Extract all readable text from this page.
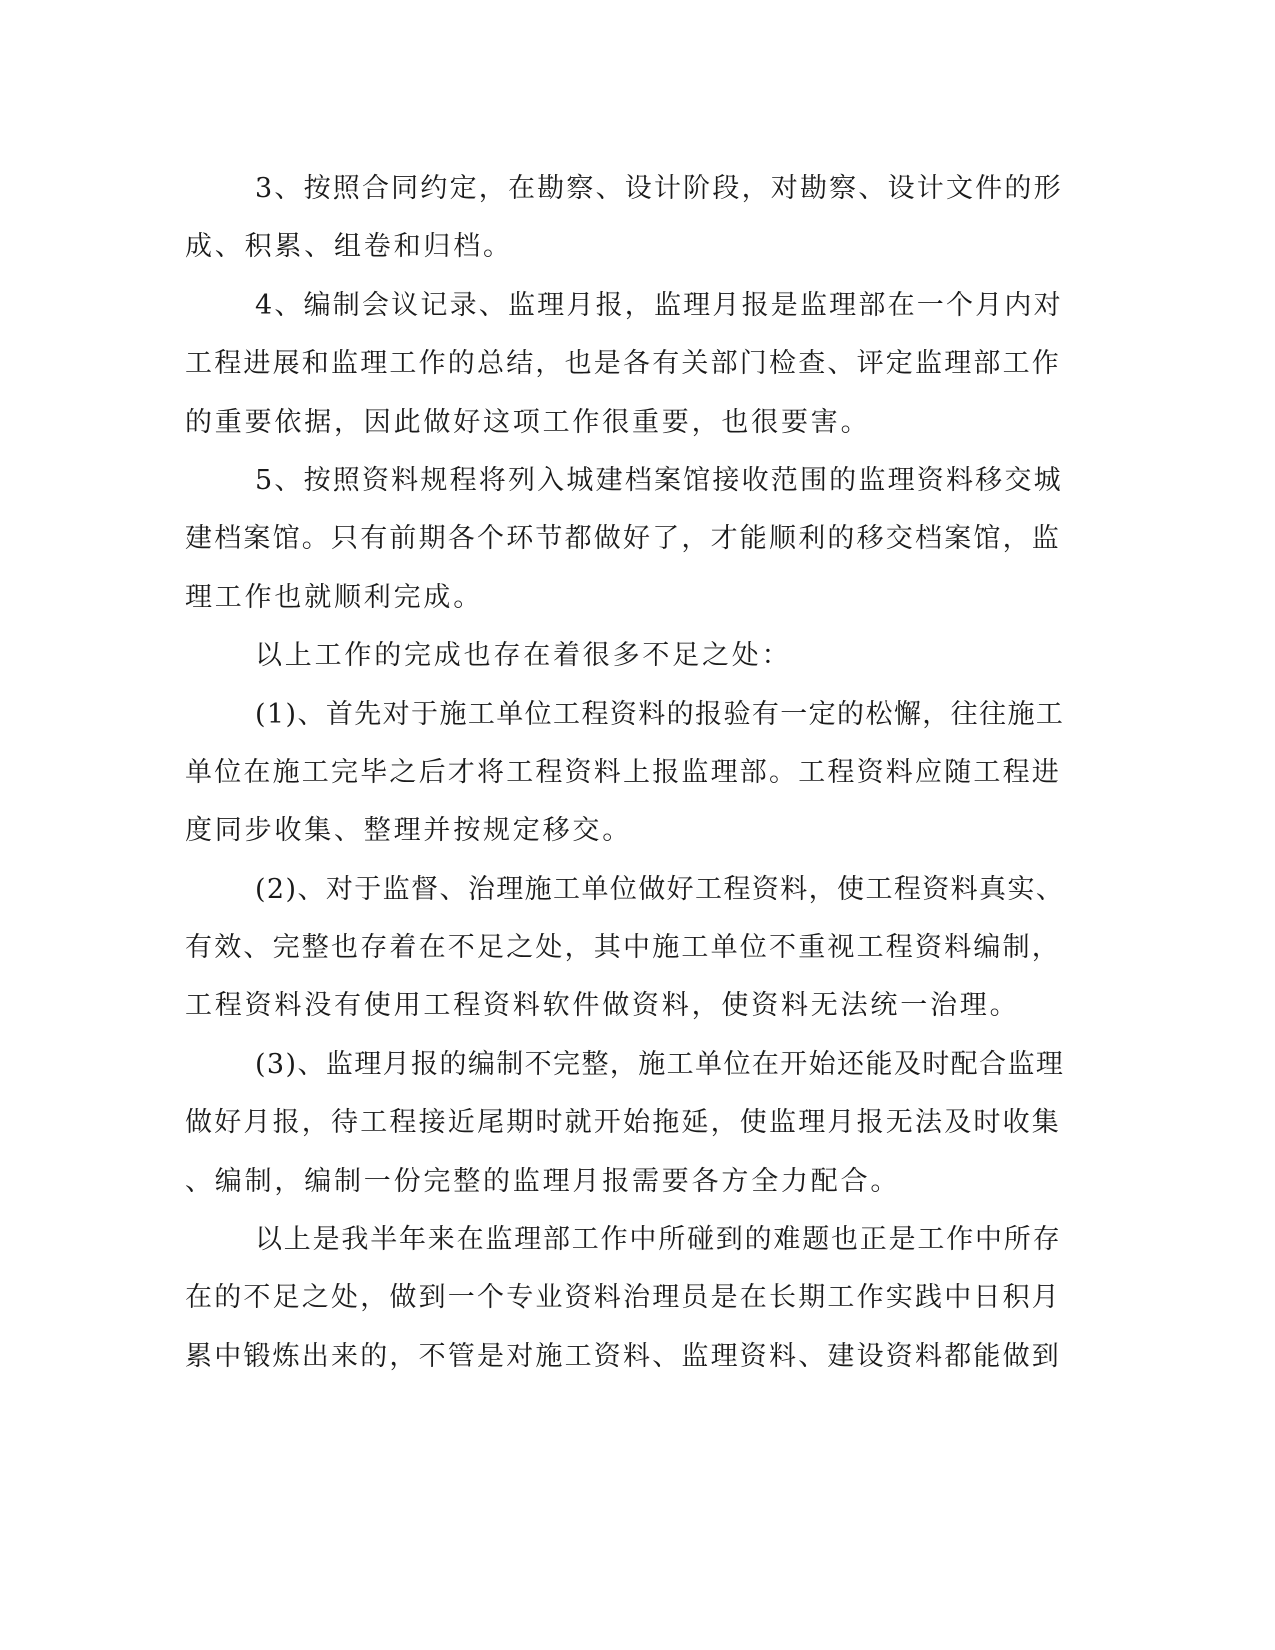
3、按照合同约定，在勘察、设计阶段，对勘察、设计文件的形
成、积累、组卷和归档。
4、编制会议记录、监理月报，监理月报是监理部在一个月内对
工程进展和监理工作的总结，也是各有关部门检查、评定监理部工作
的重要依据，因此做好这项工作很重要，也很要害。
5、按照资料规程将列入城建档案馆接收范围的监理资料移交城
建档案馆。只有前期各个环节都做好了，才能顺利的移交档案馆，监
理工作也就顺利完成。
以上工作的完成也存在着很多不足之处：
(1)、首先对于施工单位工程资料的报验有一定的松懈，往往施工
单位在施工完毕之后才将工程资料上报监理部。工程资料应随工程进
度同步收集、整理并按规定移交。
(2)、对于监督、治理施工单位做好工程资料，使工程资料真实、
有效、完整也存着在不足之处，其中施工单位不重视工程资料编制，
工程资料没有使用工程资料软件做资料，使资料无法统一治理。
(3)、监理月报的编制不完整，施工单位在开始还能及时配合监理
做好月报，待工程接近尾期时就开始拖延，使监理月报无法及时收集
、编制，编制一份完整的监理月报需要各方全力配合。
以上是我半年来在监理部工作中所碰到的难题也正是工作中所存
在的不足之处，做到一个专业资料治理员是在长期工作实践中日积月
累中锻炼出来的，不管是对施工资料、监理资料、建设资料都能做到
